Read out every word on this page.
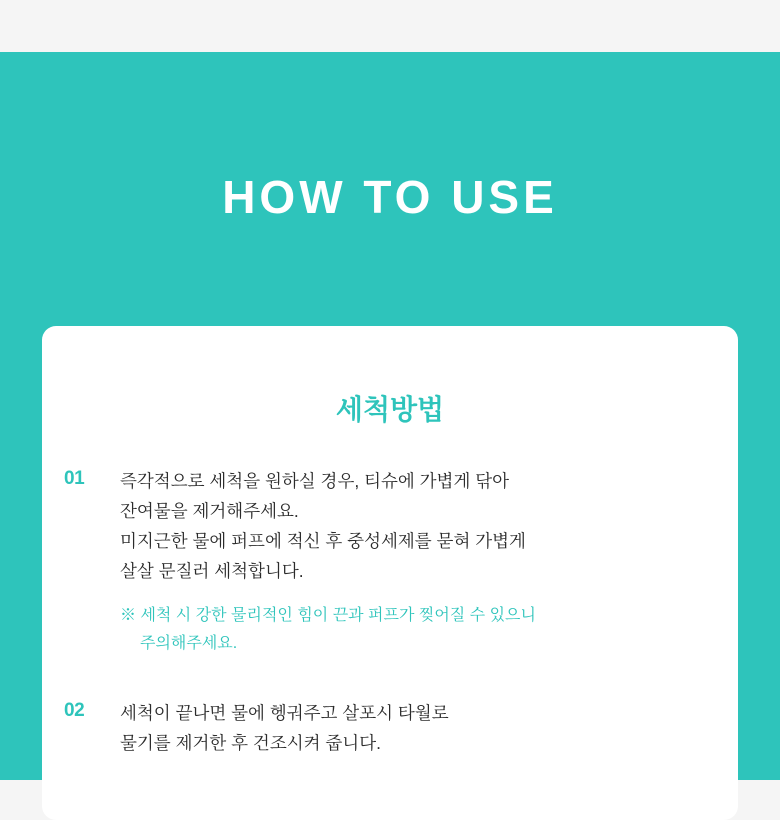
HOW TO USE
세척방법
01 즉각적으로 세척을 원하실 경우, 티슈에 가볍게 닦아
잔여물을 제거해주세요.
미지근한 물에 퍼프에 적신 후 중성세제를 묻혀 가볍게
살살 문질러 세척합니다.
※ 세척 시 강한 물리적인 힘이 끈과 퍼프가 찢어질 수 있으니
주의해주세요.
02 세척이 끝나면 물에 헹궈주고 살포시 타월로
물기를 제거한 후 건조시켜 줍니다.
